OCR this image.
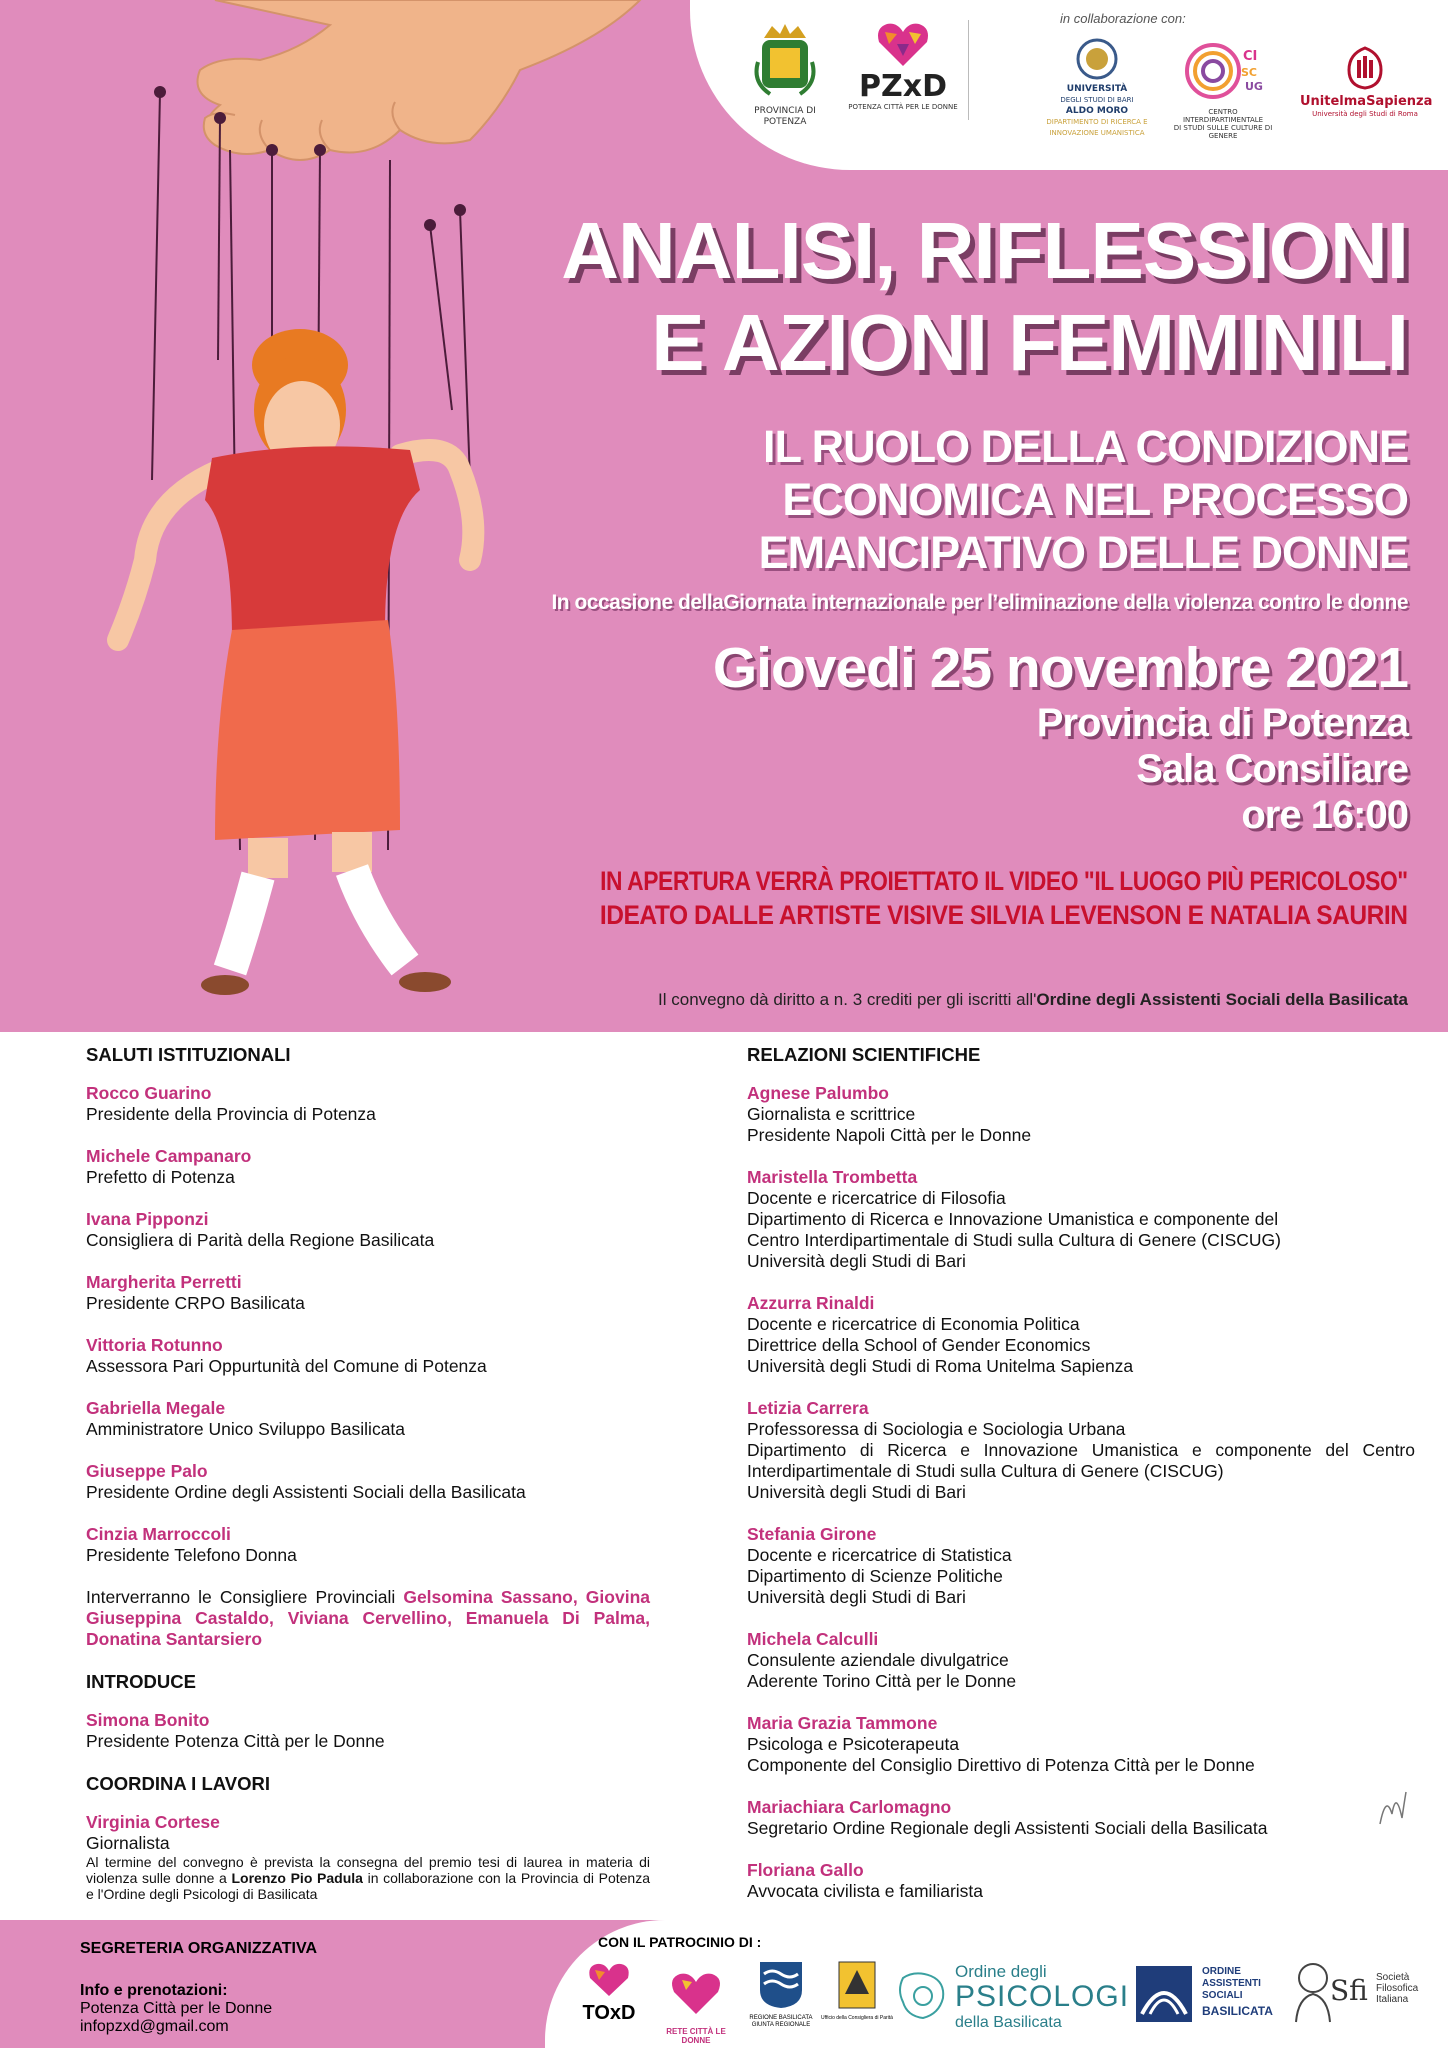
PROVINCIA DI POTENZA
PZxD
POTENZA CITTÀ PER LE DONNE
in collaborazione con:
UNIVERSITÀ
DEGLI STUDI DI BARI
ALDO MORO
DIPARTIMENTO DI RICERCA E
INNOVAZIONE UMANISTICA
CI
SC
UG
CENTRO INTERDIPARTIMENTALE
DI STUDI SULLE CULTURE DI GENERE
UnitelmaSapienza
Università degli Studi di Roma
ANALISI, RIFLESSIONI
E AZIONI FEMMINILI
IL RUOLO DELLA CONDIZIONE
ECONOMICA NEL PROCESSO
EMANCIPATIVO DELLE DONNE
In occasione dellaGiornata internazionale per l’eliminazione della violenza contro le donne
Giovedi 25 novembre 2021
Provincia di Potenza
Sala Consiliare
ore 16:00
IN APERTURA VERRÀ PROIETTATO IL VIDEO "IL LUOGO PIÙ PERICOLOSO"
IDEATO DALLE ARTISTE VISIVE SILVIA LEVENSON E NATALIA SAURIN
Il convegno dà diritto a n. 3 crediti per gli iscritti all'Ordine degli Assistenti Sociali della Basilicata
SALUTI ISTITUZIONALI
Rocco Guarino
Presidente della Provincia di Potenza
Michele Campanaro
Prefetto di Potenza
Ivana Pipponzi
Consigliera di Parità della Regione Basilicata
Margherita Perretti
Presidente CRPO Basilicata
Vittoria Rotunno
Assessora Pari Oppurtunità del Comune di Potenza
Gabriella Megale
Amministratore Unico Sviluppo Basilicata
Giuseppe Palo
Presidente Ordine degli Assistenti Sociali della Basilicata
Cinzia Marroccoli
Presidente Telefono Donna
Interverranno le Consigliere Provinciali Gelsomina Sassano, Giovina Giuseppina Castaldo, Viviana Cervellino, Emanuela Di Palma, Donatina Santarsiero
INTRODUCE
Simona Bonito
Presidente Potenza Città per le Donne
COORDINA I LAVORI
Virginia Cortese
Giornalista
Al termine del convegno è prevista la consegna del premio tesi di laurea in materia di violenza sulle donne a Lorenzo Pio Padula in collaborazione con la Provincia di Potenza e l'Ordine degli Psicologi di Basilicata
RELAZIONI SCIENTIFICHE
Agnese Palumbo
Giornalista e scrittrice
Presidente Napoli Città per le Donne
Maristella Trombetta
Docente e ricercatrice di Filosofia
Dipartimento di Ricerca e Innovazione Umanistica e componente del
Centro Interdipartimentale di Studi sulla Cultura di Genere (CISCUG)
Università degli Studi di Bari
Azzurra Rinaldi
Docente e ricercatrice di Economia Politica
Direttrice della School of Gender Economics
Università degli Studi di Roma Unitelma Sapienza
Letizia Carrera
Professoressa di Sociologia e Sociologia Urbana
Dipartimento di Ricerca e Innovazione Umanistica e componente del Centro
Interdipartimentale di Studi sulla Cultura di Genere (CISCUG)
Università degli Studi di Bari
Stefania Girone
Docente e ricercatrice di Statistica
Dipartimento di Scienze Politiche
Università degli Studi di Bari
Michela Calculli
Consulente aziendale divulgatrice
Aderente Torino Città per le Donne
Maria Grazia Tammone
Psicologa e Psicoterapeuta
Componente del Consiglio Direttivo di Potenza Città per le Donne
Mariachiara Carlomagno
Segretario Ordine Regionale degli Assistenti Sociali della Basilicata
Floriana Gallo
Avvocata civilista e familiarista
SEGRETERIA ORGANIZZATIVA
Info e prenotazioni:
Potenza Città per le Donne
infopzxd@gmail.com
CON IL PATROCINIO DI :
TOxD
RETE CITTÀ LE DONNE
REGIONE BASILICATA
GIUNTA REGIONALE
Ufficio della Consigliera di Parità
Ordine degli
PSICOLOGI
della Basilicata
ORDINE
ASSISTENTI
SOCIALI
BASILICATA
Sfi Società
Filosofica
Italiana
